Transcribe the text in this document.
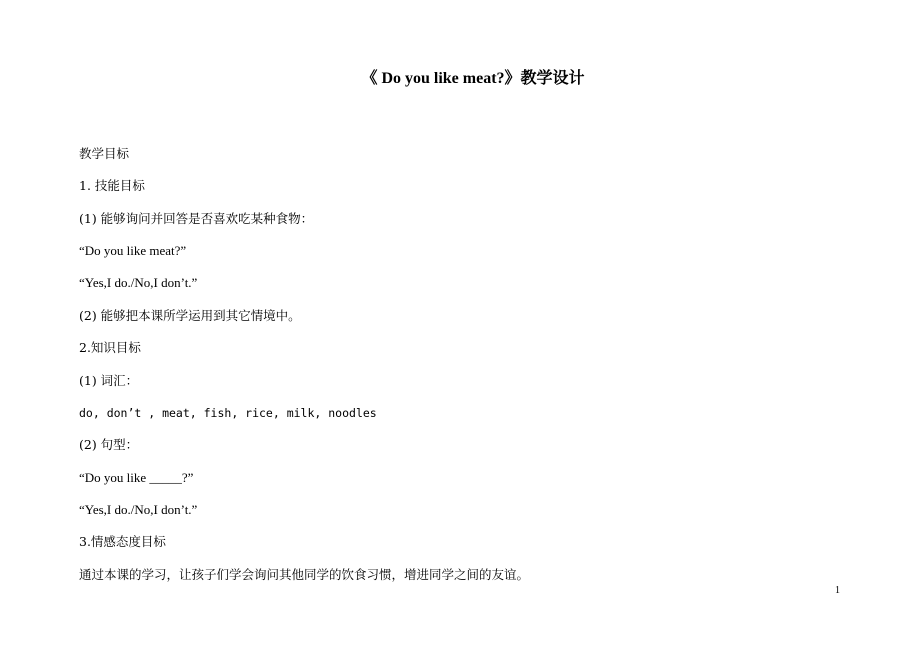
《 Do you like meat?》教学设计
教学目标
1. 技能目标
(1) 能够询问并回答是否喜欢吃某种食物：
“Do you like meat?”
“Yes,I do./No,I don’t.”
(2) 能够把本课所学运用到其它情境中。
2.知识目标
(1) 词汇：
do, don’t , meat, fish, rice, milk, noodles
(2) 句型：
“Do you like _____?”
“Yes,I do./No,I don’t.”
3.情感态度目标
通过本课的学习，让孩子们学会询问其他同学的饮食习惯，增进同学之间的友谊。
1
